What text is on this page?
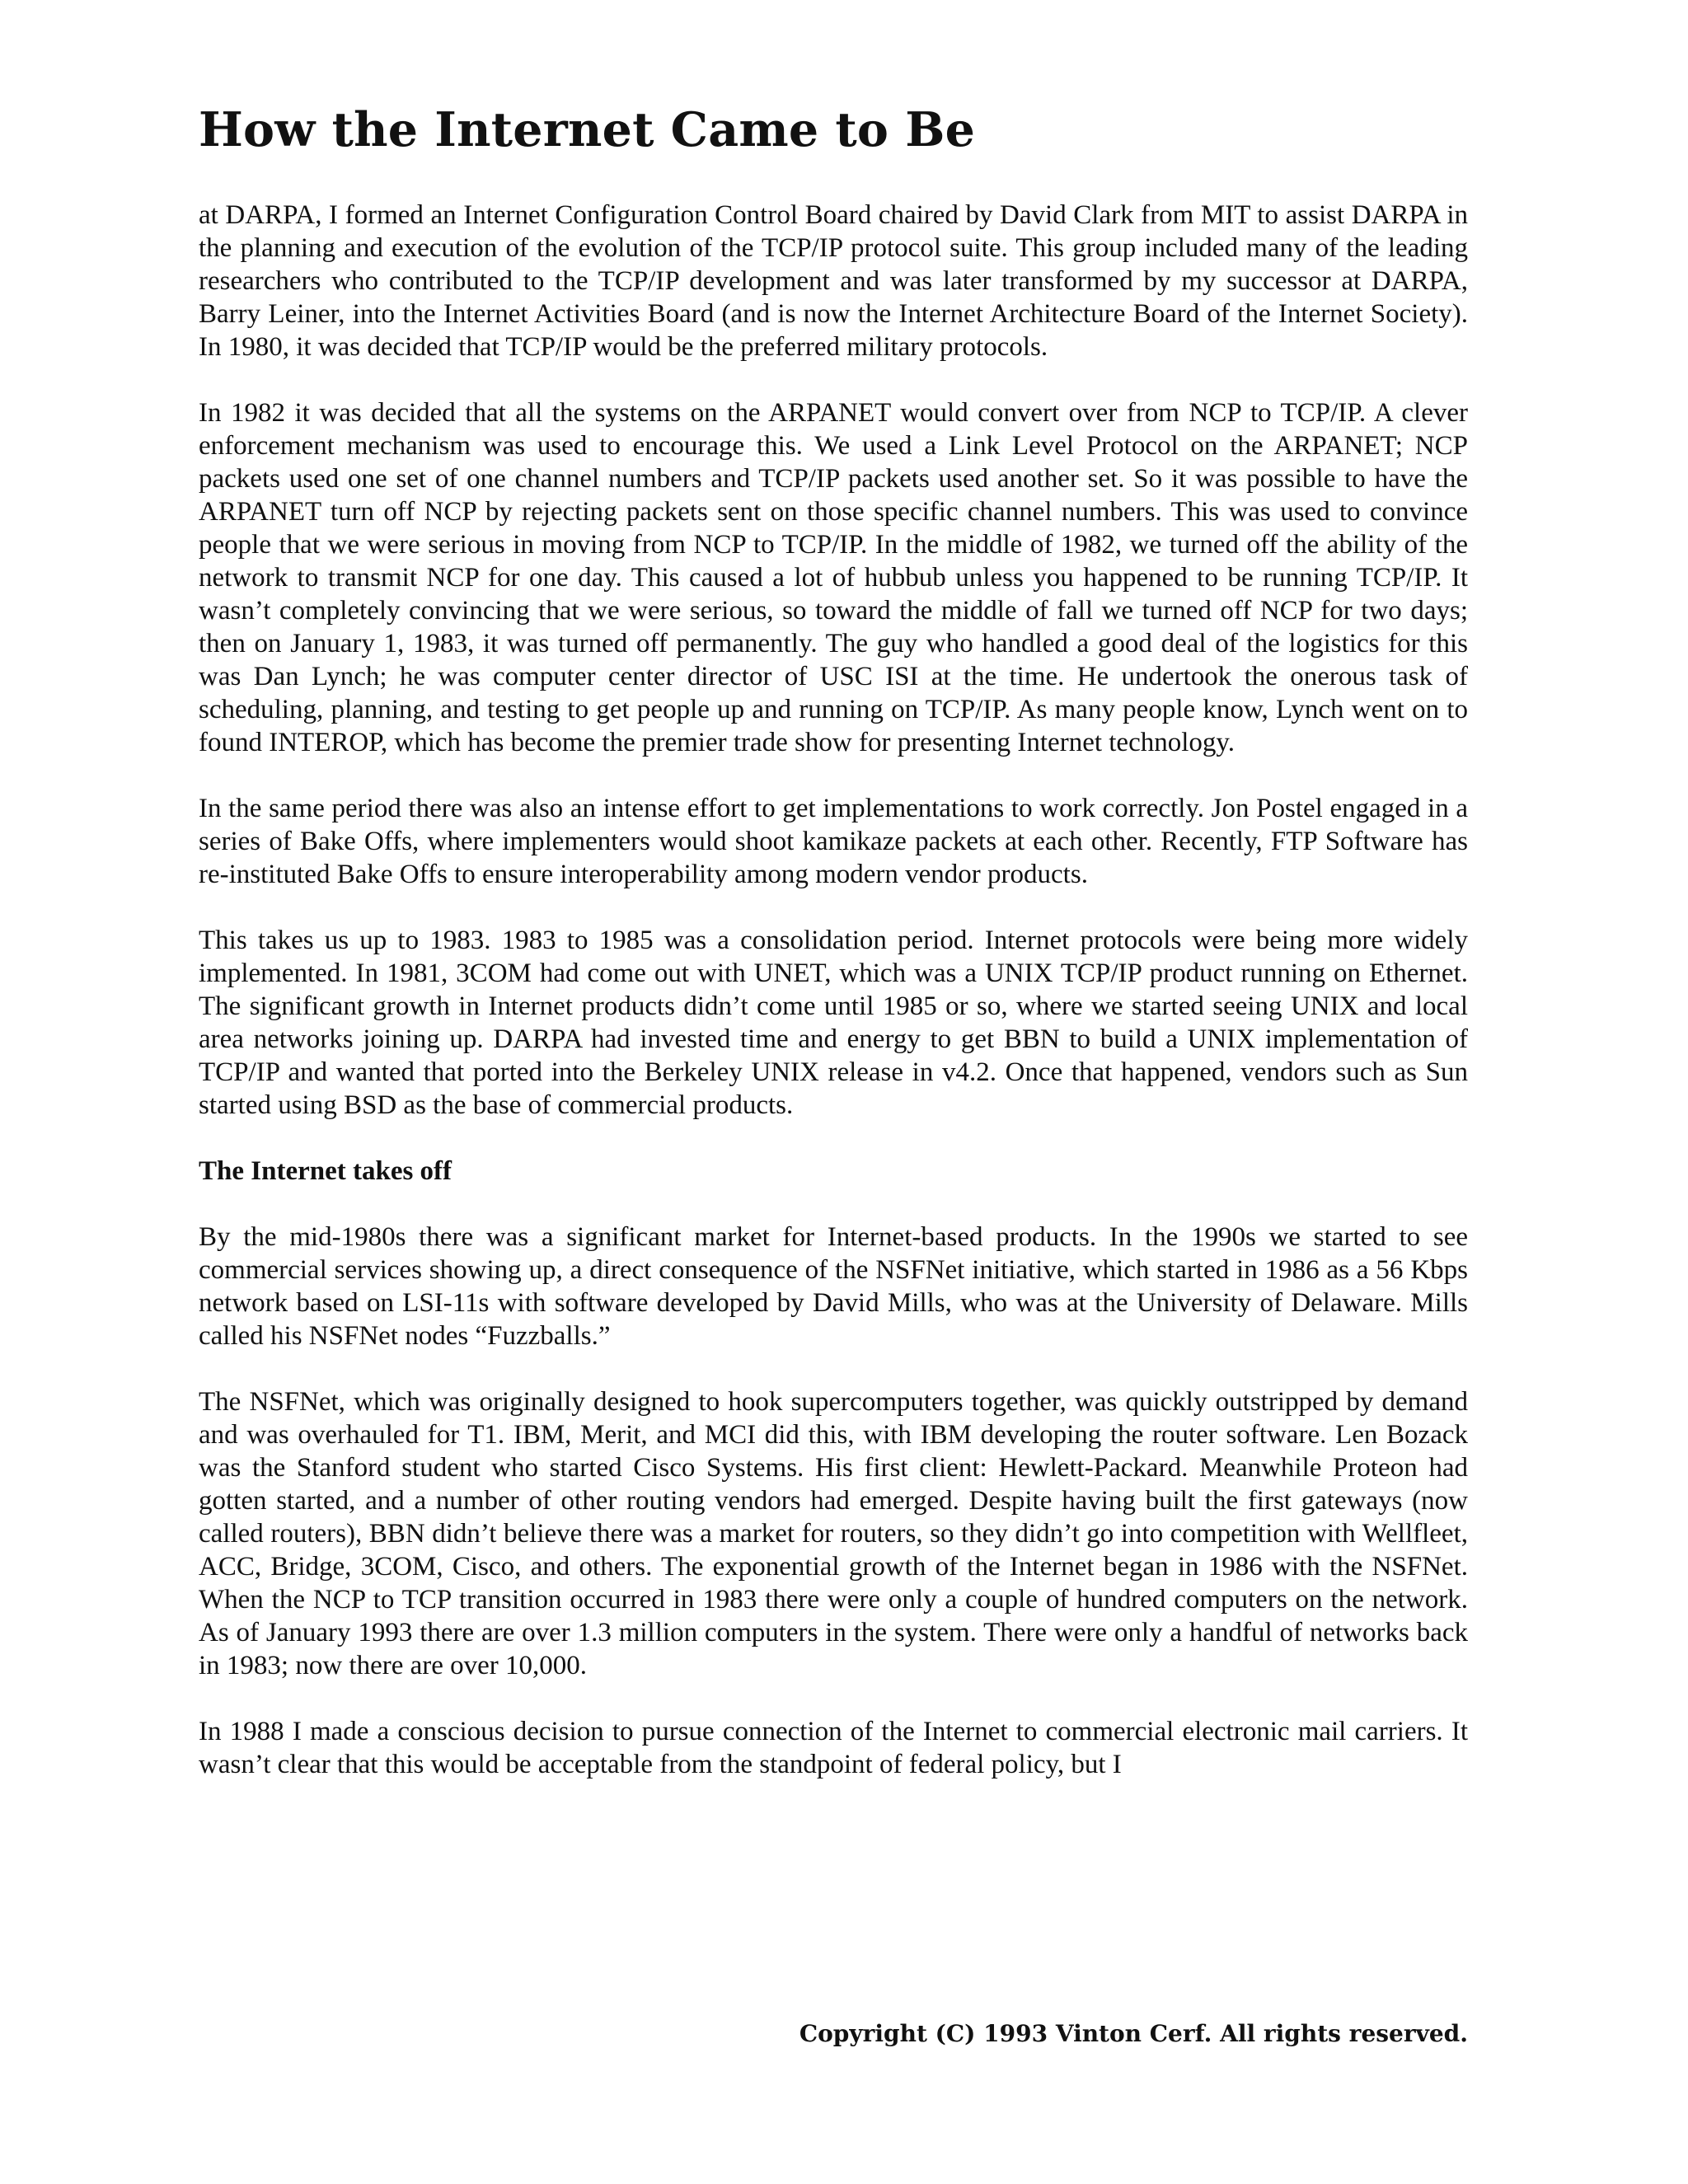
How the Internet Came to Be

at DARPA, I formed an Internet Configuration Control Board chaired by David Clark from MIT to assist DARPA in the planning and execution of the evolution of the TCP/IP protocol suite. This group included many of the leading researchers who contributed to the TCP/IP development and was later transformed by my successor at DARPA, Barry Leiner, into the Internet Activities Board (and is now the Internet Architecture Board of the Internet Society). In 1980, it was decided that TCP/IP would be the preferred military protocols.

In 1982 it was decided that all the systems on the ARPANET would convert over from NCP to TCP/IP. A clever enforcement mechanism was used to encourage this. We used a Link Level Protocol on the ARPANET; NCP packets used one set of one channel numbers and TCP/IP packets used another set. So it was possible to have the ARPANET turn off NCP by rejecting packets sent on those specific channel numbers. This was used to convince people that we were serious in moving from NCP to TCP/IP. In the middle of 1982, we turned off the ability of the network to transmit NCP for one day. This caused a lot of hubbub unless you happened to be running TCP/IP. It wasn’t completely convincing that we were serious, so toward the middle of fall we turned off NCP for two days; then on January 1, 1983, it was turned off permanently. The guy who handled a good deal of the logistics for this was Dan Lynch; he was computer center director of USC ISI at the time. He undertook the onerous task of scheduling, planning, and testing to get people up and running on TCP/IP. As many people know, Lynch went on to found INTEROP, which has become the premier trade show for presenting Internet technology.

In the same period there was also an intense effort to get implementations to work correctly. Jon Postel engaged in a series of Bake Offs, where implementers would shoot kamikaze packets at each other. Recently, FTP Software has re-instituted Bake Offs to ensure interoperability among modern vendor products.

This takes us up to 1983. 1983 to 1985 was a consolidation period. Internet protocols were being more widely implemented. In 1981, 3COM had come out with UNET, which was a UNIX TCP/IP product running on Ethernet. The significant growth in Internet products didn’t come until 1985 or so, where we started seeing UNIX and local area networks joining up. DARPA had invested time and energy to get BBN to build a UNIX implementation of TCP/IP and wanted that ported into the Berkeley UNIX release in v4.2. Once that happened, vendors such as Sun started using BSD as the base of commercial products.

The Internet takes off

By the mid-1980s there was a significant market for Internet-based products. In the 1990s we started to see commercial services showing up, a direct consequence of the NSFNet initiative, which started in 1986 as a 56 Kbps network based on LSI-11s with software developed by David Mills, who was at the University of Delaware. Mills called his NSFNet nodes “Fuzzballs.”

The NSFNet, which was originally designed to hook supercomputers together, was quickly outstripped by demand and was overhauled for T1. IBM, Merit, and MCI did this, with IBM developing the router software. Len Bozack was the Stanford student who started Cisco Systems. His first client: Hewlett-Packard. Meanwhile Proteon had gotten started, and a number of other routing vendors had emerged. Despite having built the first gateways (now called routers), BBN didn’t believe there was a market for routers, so they didn’t go into competition with Wellfleet, ACC, Bridge, 3COM, Cisco, and others. The exponential growth of the Internet began in 1986 with the NSFNet. When the NCP to TCP transition occurred in 1983 there were only a couple of hundred computers on the network. As of January 1993 there are over 1.3 million computers in the system. There were only a handful of networks back in 1983; now there are over 10,000.

In 1988 I made a conscious decision to pursue connection of the Internet to commercial electronic mail carriers. It wasn’t clear that this would be acceptable from the standpoint of federal policy, but I

Copyright (C) 1993 Vinton Cerf. All rights reserved.
